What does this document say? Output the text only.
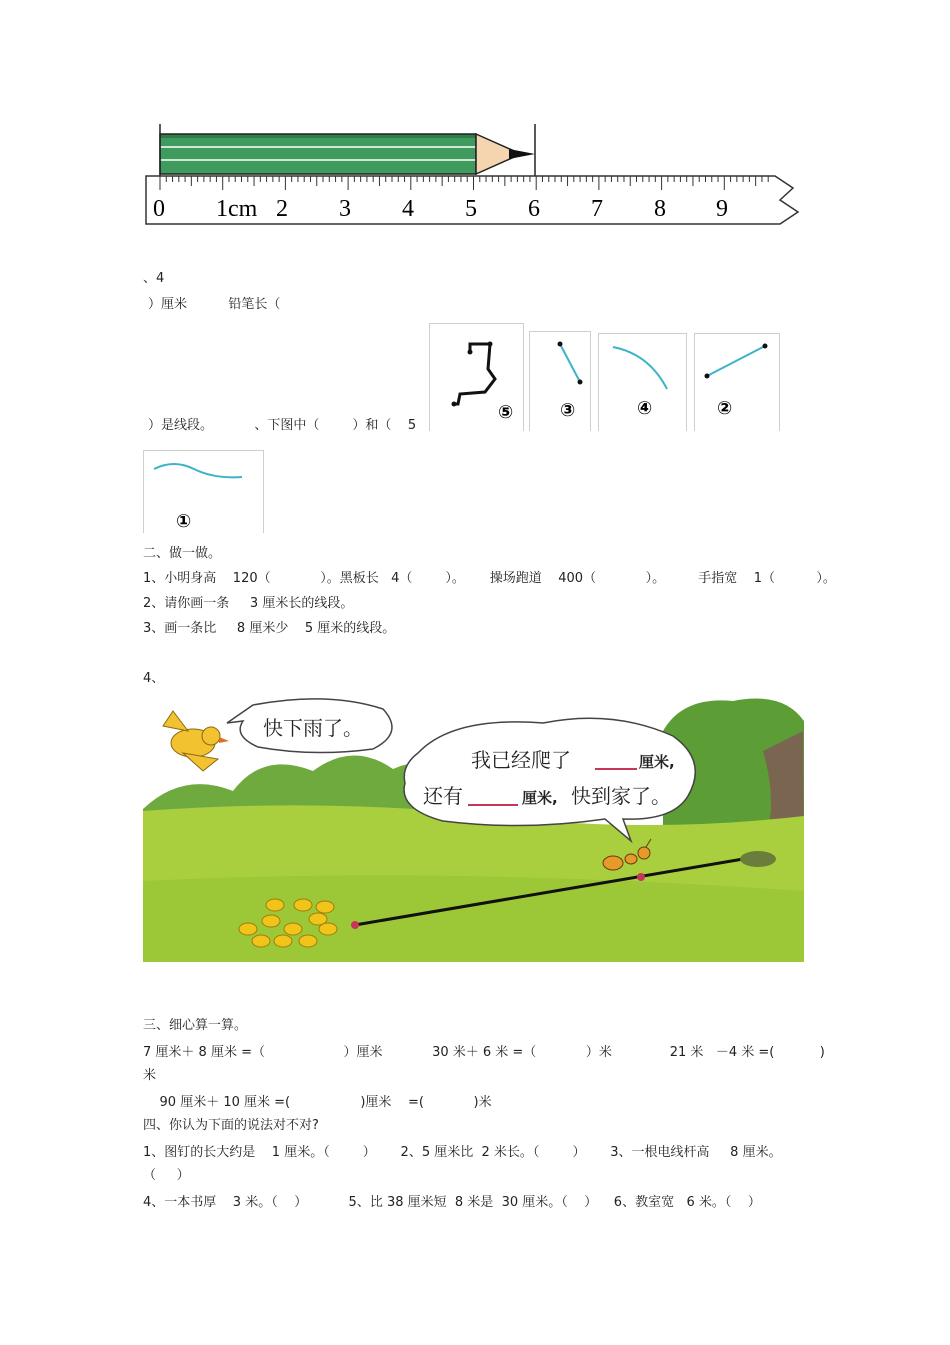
0 1cm 2 3 4 5 6 7 8 9
、4
）厘米          铅笔长（
⑤	③	④	②
）是线段。          、下图中（        ）和（    5
①
二、做一做。
1、小明身高    120（            ）。黑板长   4（        ）。      操场跑道    400（            ）。        手指宽    1（          ）。
2、请你画一条     3 厘米长的线段。
3、画一条比     8 厘米少    5 厘米的线段。
4、
快下雨了。
我已经爬了	厘米,
还有	厘米, 快到家了。
三、细心算一算。
7 厘米＋ 8 厘米 =（                   ）厘米            30 米＋ 6 米 =（            ）米              21 米   －4 米 =(           )
米
90 厘米＋ 10 厘米 =(                 )厘米    =(            )米
四、你认为下面的说法对不对?
1、图钉的长大约是    1 厘米。（        ）      2、5 厘米比  2 米长。（        ）      3、一根电线杆高     8 厘米。
（     ）
4、一本书厚    3 米。（    ）          5、比 38 厘米短  8 米是  30 厘米。（    ）    6、教室宽   6 米。（    ）
